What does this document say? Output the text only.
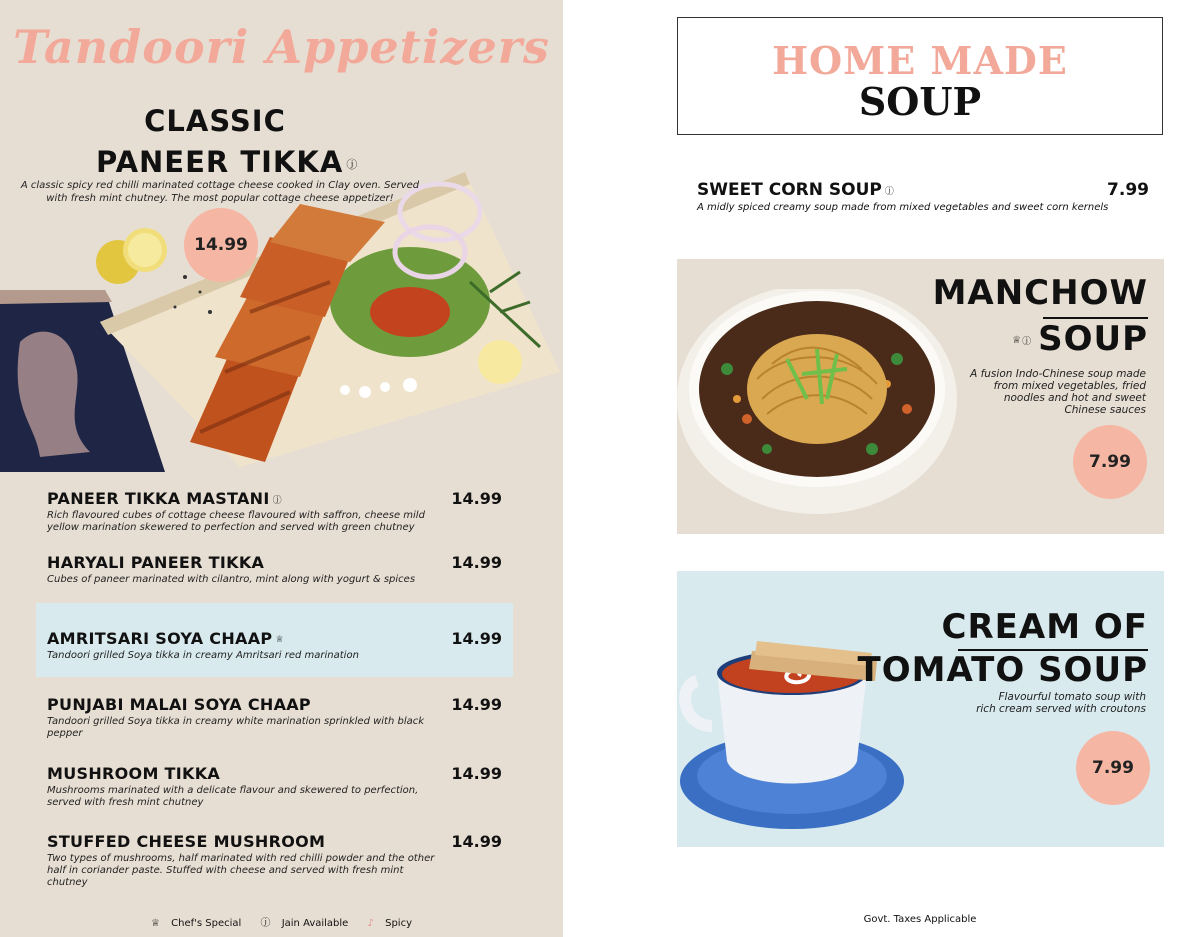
Tandoori Appetizers
CLASSIC
PANEER TIKKA ⓙ
A classic spicy red chilli marinated cottage cheese cooked in Clay oven. Served with fresh mint chutney. The most popular cottage cheese appetizer!
14.99
PANEER TIKKA MASTANI ⓙ	14.99
Rich flavoured cubes of cottage cheese flavoured with saffron, cheese mild yellow marination skewered to perfection and served with green chutney
HARYALI PANEER TIKKA	14.99
Cubes of paneer marinated with cilantro, mint along with yogurt & spices
AMRITSARI SOYA CHAAP ♕	14.99
Tandoori grilled Soya tikka in creamy Amritsari red marination
PUNJABI MALAI SOYA CHAAP	14.99
Tandoori grilled Soya tikka in creamy white marination sprinkled with black pepper
MUSHROOM TIKKA	14.99
Mushrooms marinated with a delicate flavour and skewered to perfection, served with fresh mint chutney
STUFFED CHEESE MUSHROOM	14.99
Two types of mushrooms, half marinated with red chilli powder and the other half in coriander paste. Stuffed with cheese and served with fresh mint chutney
♕ Chef's Special ⓙ Jain Available ♪ Spicy
HOME MADE
SOUP
SWEET CORN SOUP ⓙ	7.99
A midly spiced creamy soup made from mixed vegetables and sweet corn kernels
MANCHOW
♕ⓙ SOUP
A fusion Indo-Chinese soup made
from mixed vegetables, fried
noodles and hot and sweet
Chinese sauces
7.99
CREAM OF
TOMATO SOUP
Flavourful tomato soup with
rich cream served with croutons
7.99
Govt. Taxes Applicable
